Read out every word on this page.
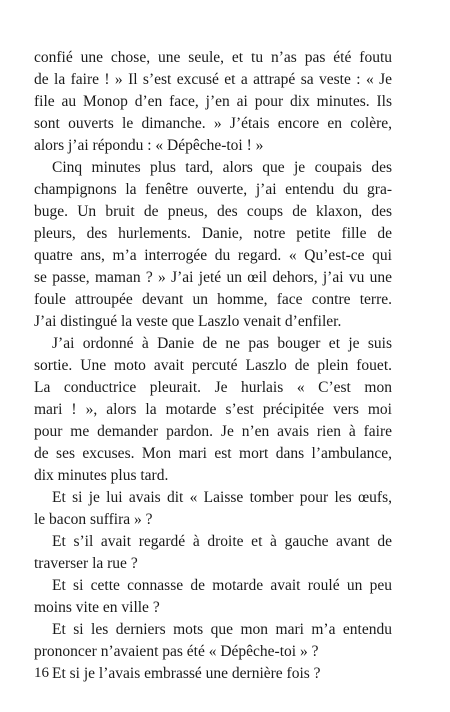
confié une chose, une seule, et tu n’as pas été foutu
de la faire ! » Il s’est excusé et a attrapé sa veste : « Je
file au Monop d’en face, j’en ai pour dix minutes. Ils
sont ouverts le dimanche. » J’étais encore en colère,
alors j’ai répondu : « Dépêche-toi ! »
Cinq minutes plus tard, alors que je coupais des
champignons la fenêtre ouverte, j’ai entendu du gra-
buge. Un bruit de pneus, des coups de klaxon, des
pleurs, des hurlements. Danie, notre petite fille de
quatre ans, m’a interrogée du regard. « Qu’est-ce qui
se passe, maman ? » J’ai jeté un œil dehors, j’ai vu une
foule attroupée devant un homme, face contre terre.
J’ai distingué la veste que Laszlo venait d’enfiler.
J’ai ordonné à Danie de ne pas bouger et je suis
sortie. Une moto avait percuté Laszlo de plein fouet.
La conductrice pleurait. Je hurlais « C’est mon
mari ! », alors la motarde s’est précipitée vers moi
pour me demander pardon. Je n’en avais rien à faire
de ses excuses. Mon mari est mort dans l’ambulance,
dix minutes plus tard.
Et si je lui avais dit « Laisse tomber pour les œufs,
le bacon suffira » ?
Et s’il avait regardé à droite et à gauche avant de
traverser la rue ?
Et si cette connasse de motarde avait roulé un peu
moins vite en ville ?
Et si les derniers mots que mon mari m’a entendu
prononcer n’avaient pas été « Dépêche-toi » ?
Et si je l’avais embrassé une dernière fois ?
16
